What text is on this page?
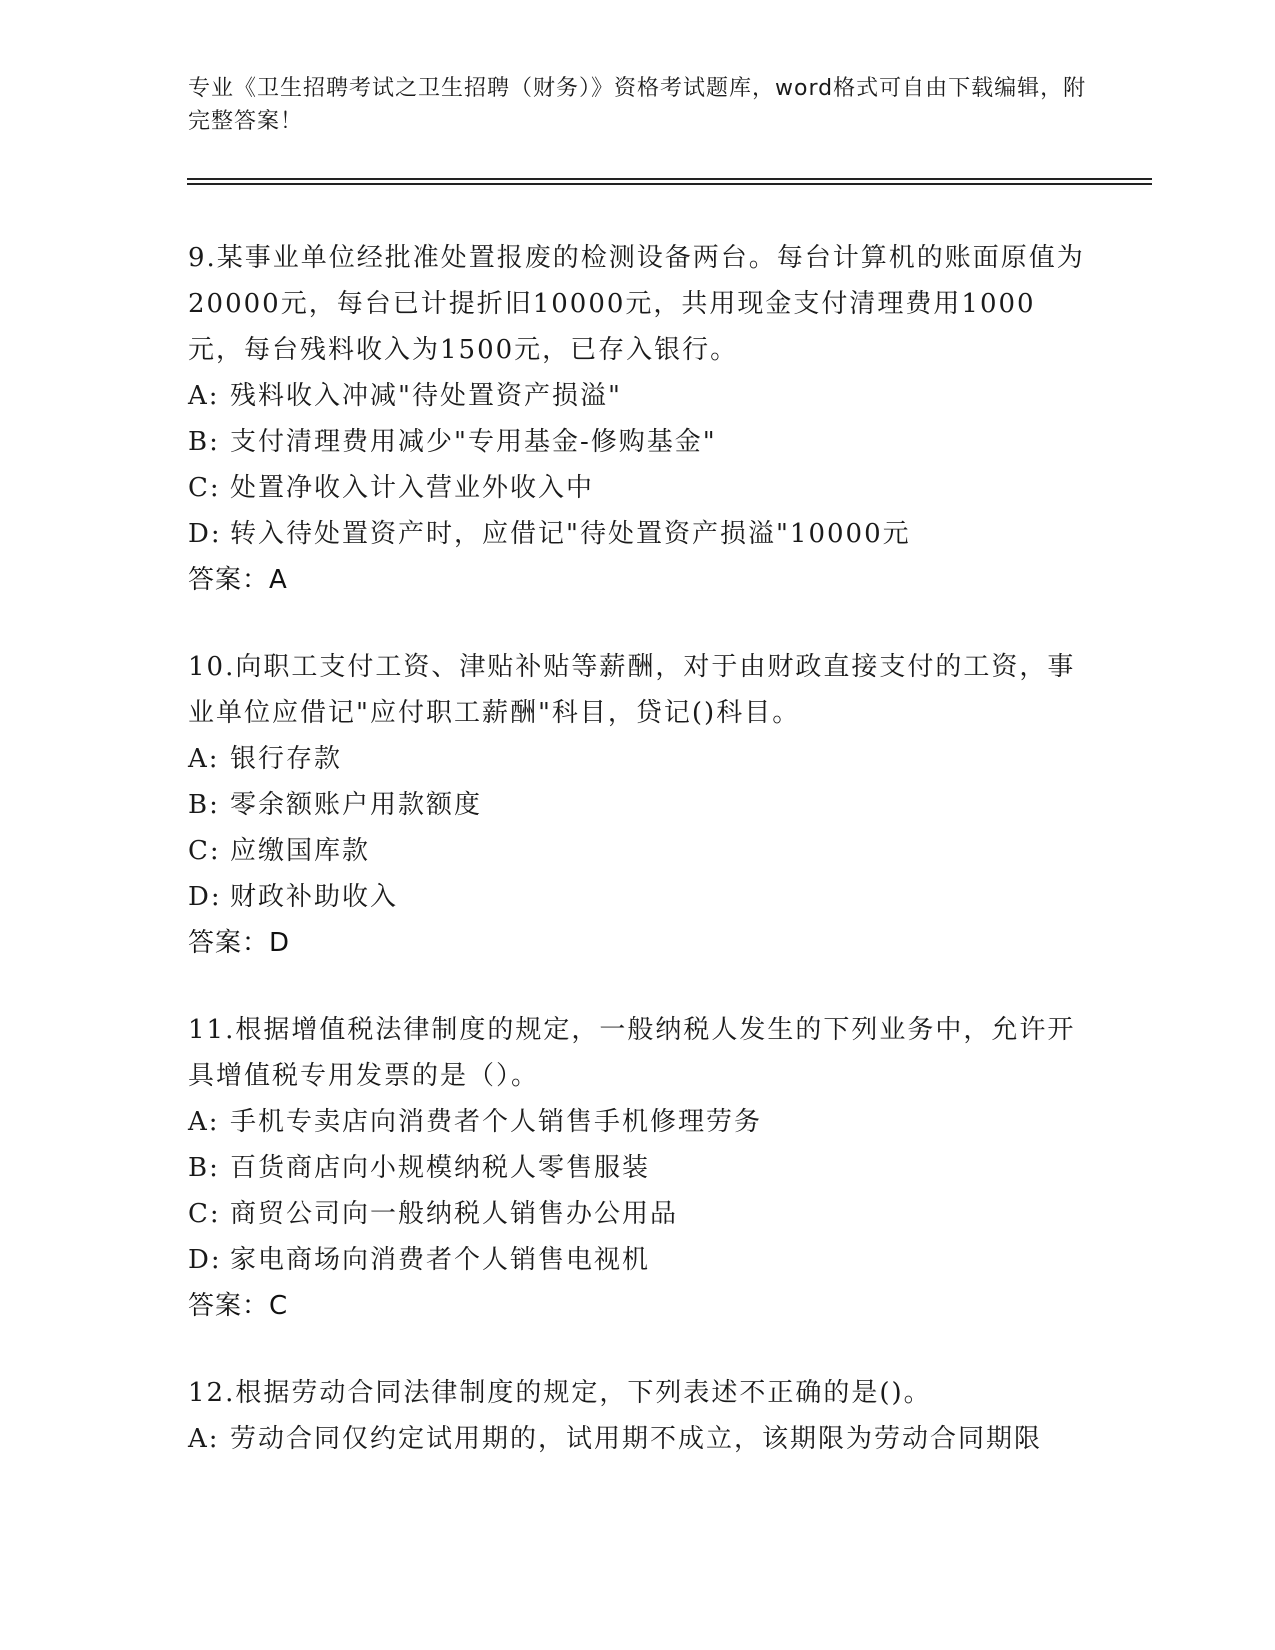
专业《卫生招聘考试之卫生招聘（财务）》资格考试题库，word格式可自由下载编辑，附完整答案！

9.某事业单位经批准处置报废的检测设备两台。每台计算机的账面原值为20000元，每台已计提折旧10000元，共用现金支付清理费用1000元，每台残料收入为1500元，已存入银行。

A: 残料收入冲减"待处置资产损溢"
B: 支付清理费用减少"专用基金-修购基金"
C: 处置净收入计入营业外收入中
D: 转入待处置资产时，应借记"待处置资产损溢"10000元
答案：A

10.向职工支付工资、津贴补贴等薪酬，对于由财政直接支付的工资，事业单位应借记"应付职工薪酬"科目，贷记()科目。

A: 银行存款
B: 零余额账户用款额度
C: 应缴国库款
D: 财政补助收入
答案：D

11.根据增值税法律制度的规定，一般纳税人发生的下列业务中，允许开具增值税专用发票的是（）。

A: 手机专卖店向消费者个人销售手机修理劳务
B: 百货商店向小规模纳税人零售服装
C: 商贸公司向一般纳税人销售办公用品
D: 家电商场向消费者个人销售电视机
答案：C

12.根据劳动合同法律制度的规定，下列表述不正确的是()。

A: 劳动合同仅约定试用期的，试用期不成立，该期限为劳动合同期限
